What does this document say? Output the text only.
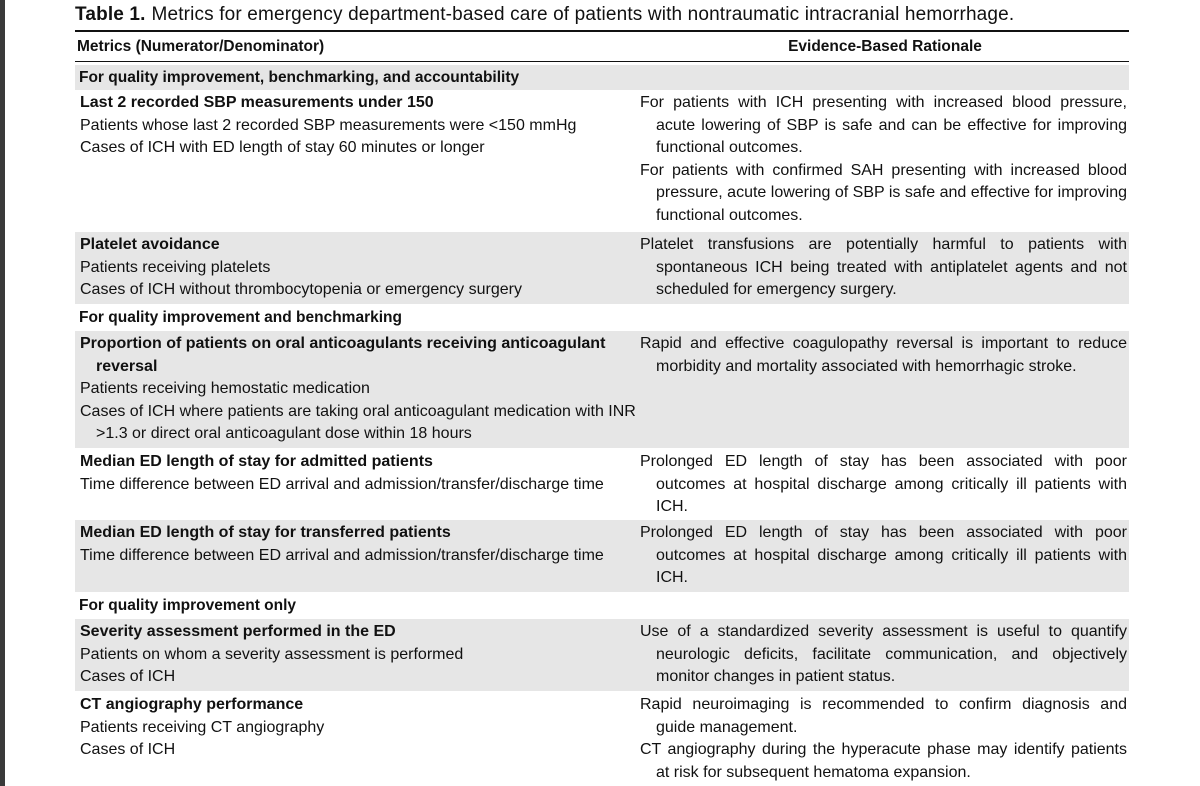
Table 1. Metrics for emergency department-based care of patients with nontraumatic intracranial hemorrhage.
Metrics (Numerator/Denominator)	Evidence-Based Rationale
For quality improvement, benchmarking, and accountability
Last 2 recorded SBP measurements under 150
Patients whose last 2 recorded SBP measurements were <150 mmHg
Cases of ICH with ED length of stay 60 minutes or longer
For patients with ICH presenting with increased blood pressure, acute lowering of SBP is safe and can be effective for improving functional outcomes.
For patients with confirmed SAH presenting with increased blood pressure, acute lowering of SBP is safe and effective for improving functional outcomes.
Platelet avoidance
Patients receiving platelets
Cases of ICH without thrombocytopenia or emergency surgery
Platelet transfusions are potentially harmful to patients with spontaneous ICH being treated with antiplatelet agents and not scheduled for emergency surgery.
For quality improvement and benchmarking
Proportion of patients on oral anticoagulants receiving anticoagulant reversal
Patients receiving hemostatic medication
Cases of ICH where patients are taking oral anticoagulant medication with INR >1.3 or direct oral anticoagulant dose within 18 hours
Rapid and effective coagulopathy reversal is important to reduce morbidity and mortality associated with hemorrhagic stroke.
Median ED length of stay for admitted patients
Time difference between ED arrival and admission/transfer/discharge time
Prolonged ED length of stay has been associated with poor outcomes at hospital discharge among critically ill patients with ICH.
Median ED length of stay for transferred patients
Time difference between ED arrival and admission/transfer/discharge time
Prolonged ED length of stay has been associated with poor outcomes at hospital discharge among critically ill patients with ICH.
For quality improvement only
Severity assessment performed in the ED
Patients on whom a severity assessment is performed
Cases of ICH
Use of a standardized severity assessment is useful to quantify neurologic deficits, facilitate communication, and objectively monitor changes in patient status.
CT angiography performance
Patients receiving CT angiography
Cases of ICH
Rapid neuroimaging is recommended to confirm diagnosis and guide management.
CT angiography during the hyperacute phase may identify patients at risk for subsequent hematoma expansion.
